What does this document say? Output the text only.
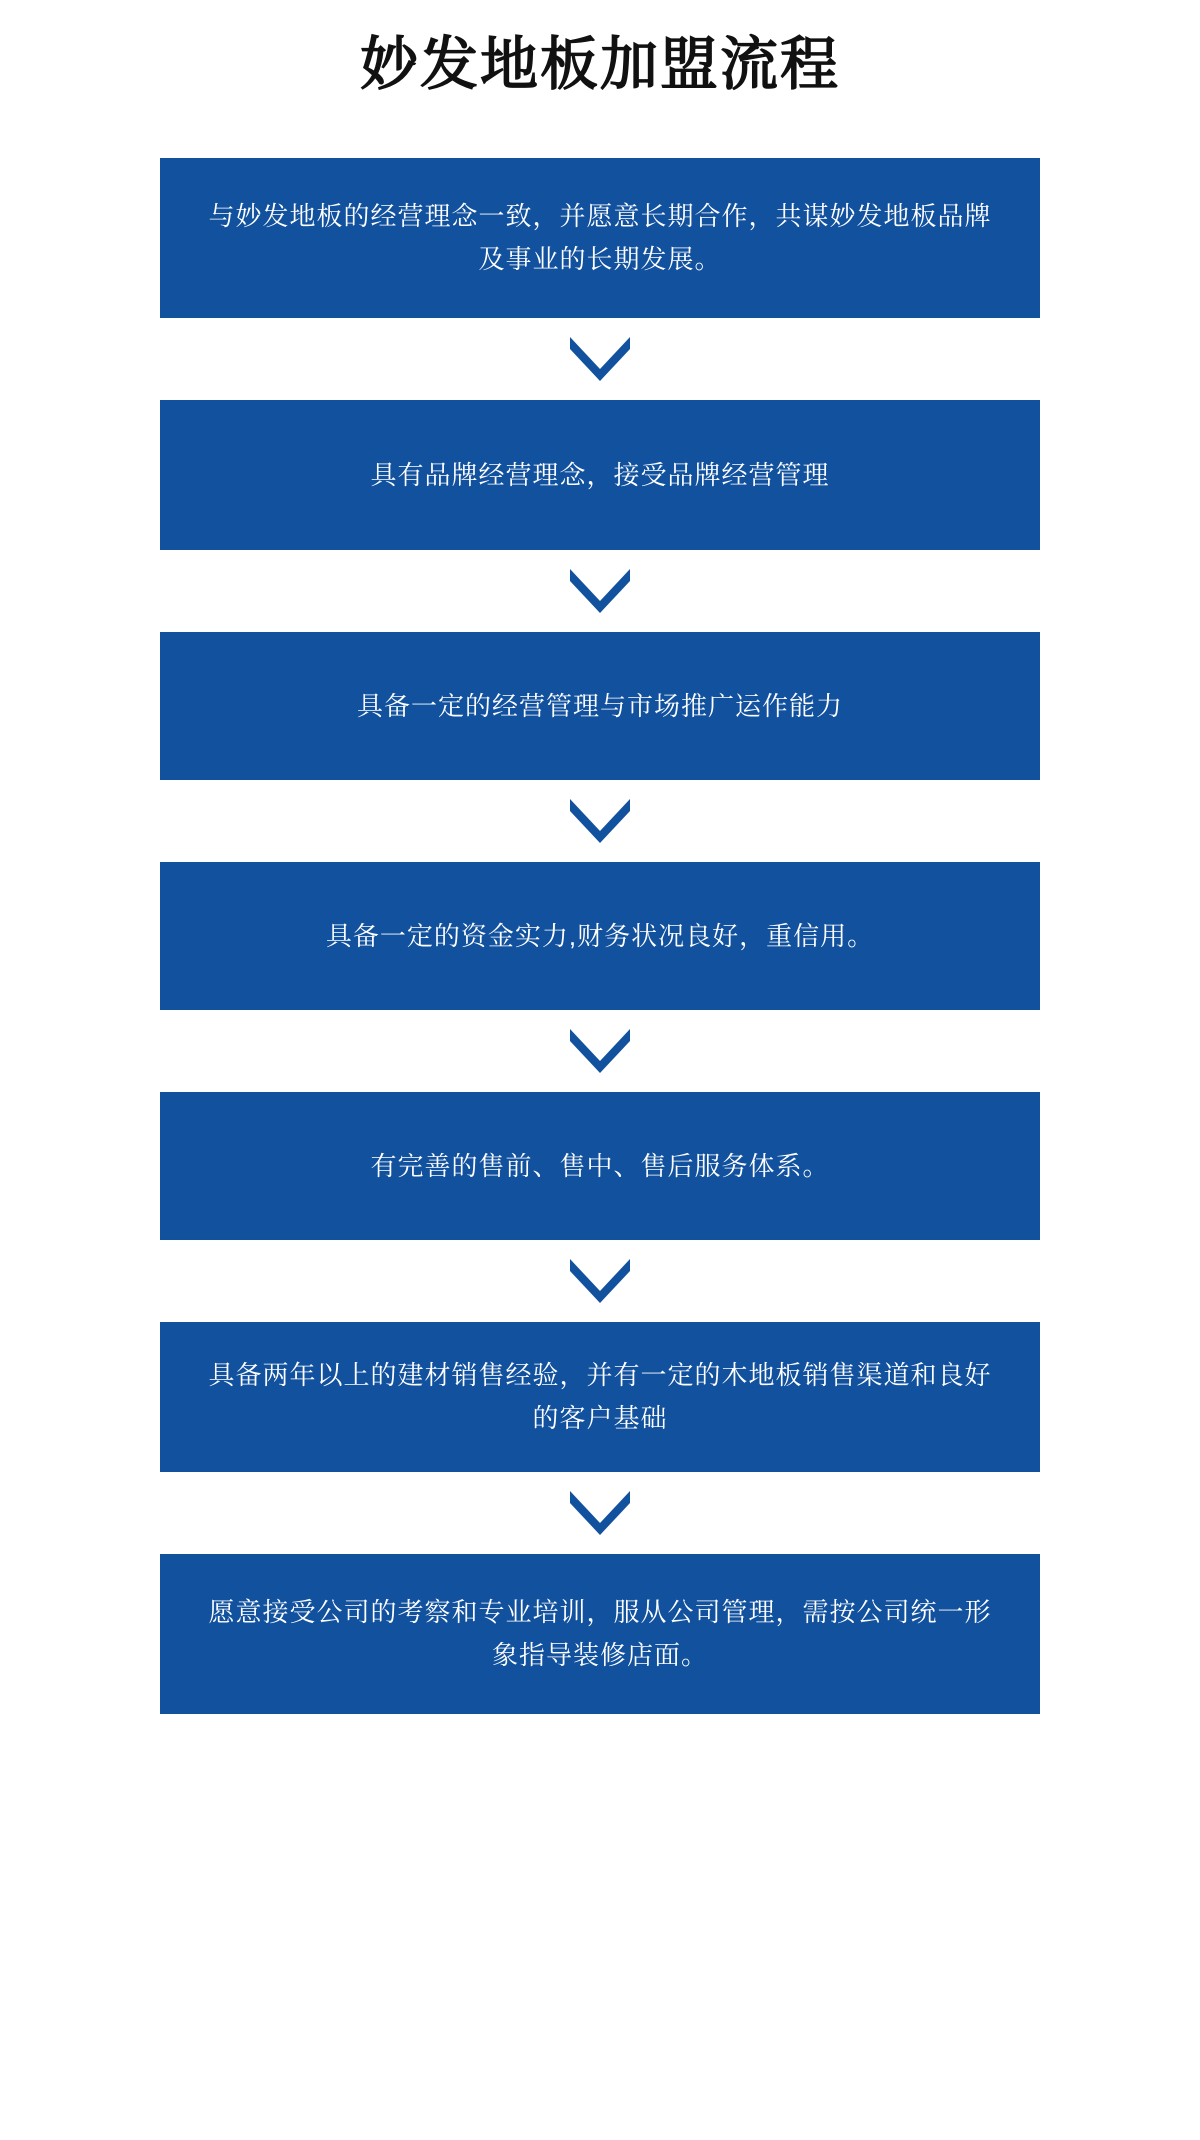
妙发地板加盟流程
与妙发地板的经营理念一致，并愿意长期合作，共谋妙发地板品牌及事业的长期发展。
具有品牌经营理念，接受品牌经营管理
具备一定的经营管理与市场推广运作能力
具备一定的资金实力,财务状况良好，重信用。
有完善的售前、售中、售后服务体系。
具备两年以上的建材销售经验，并有一定的木地板销售渠道和良好的客户基础
愿意接受公司的考察和专业培训，服从公司管理，需按公司统一形象指导装修店面。
